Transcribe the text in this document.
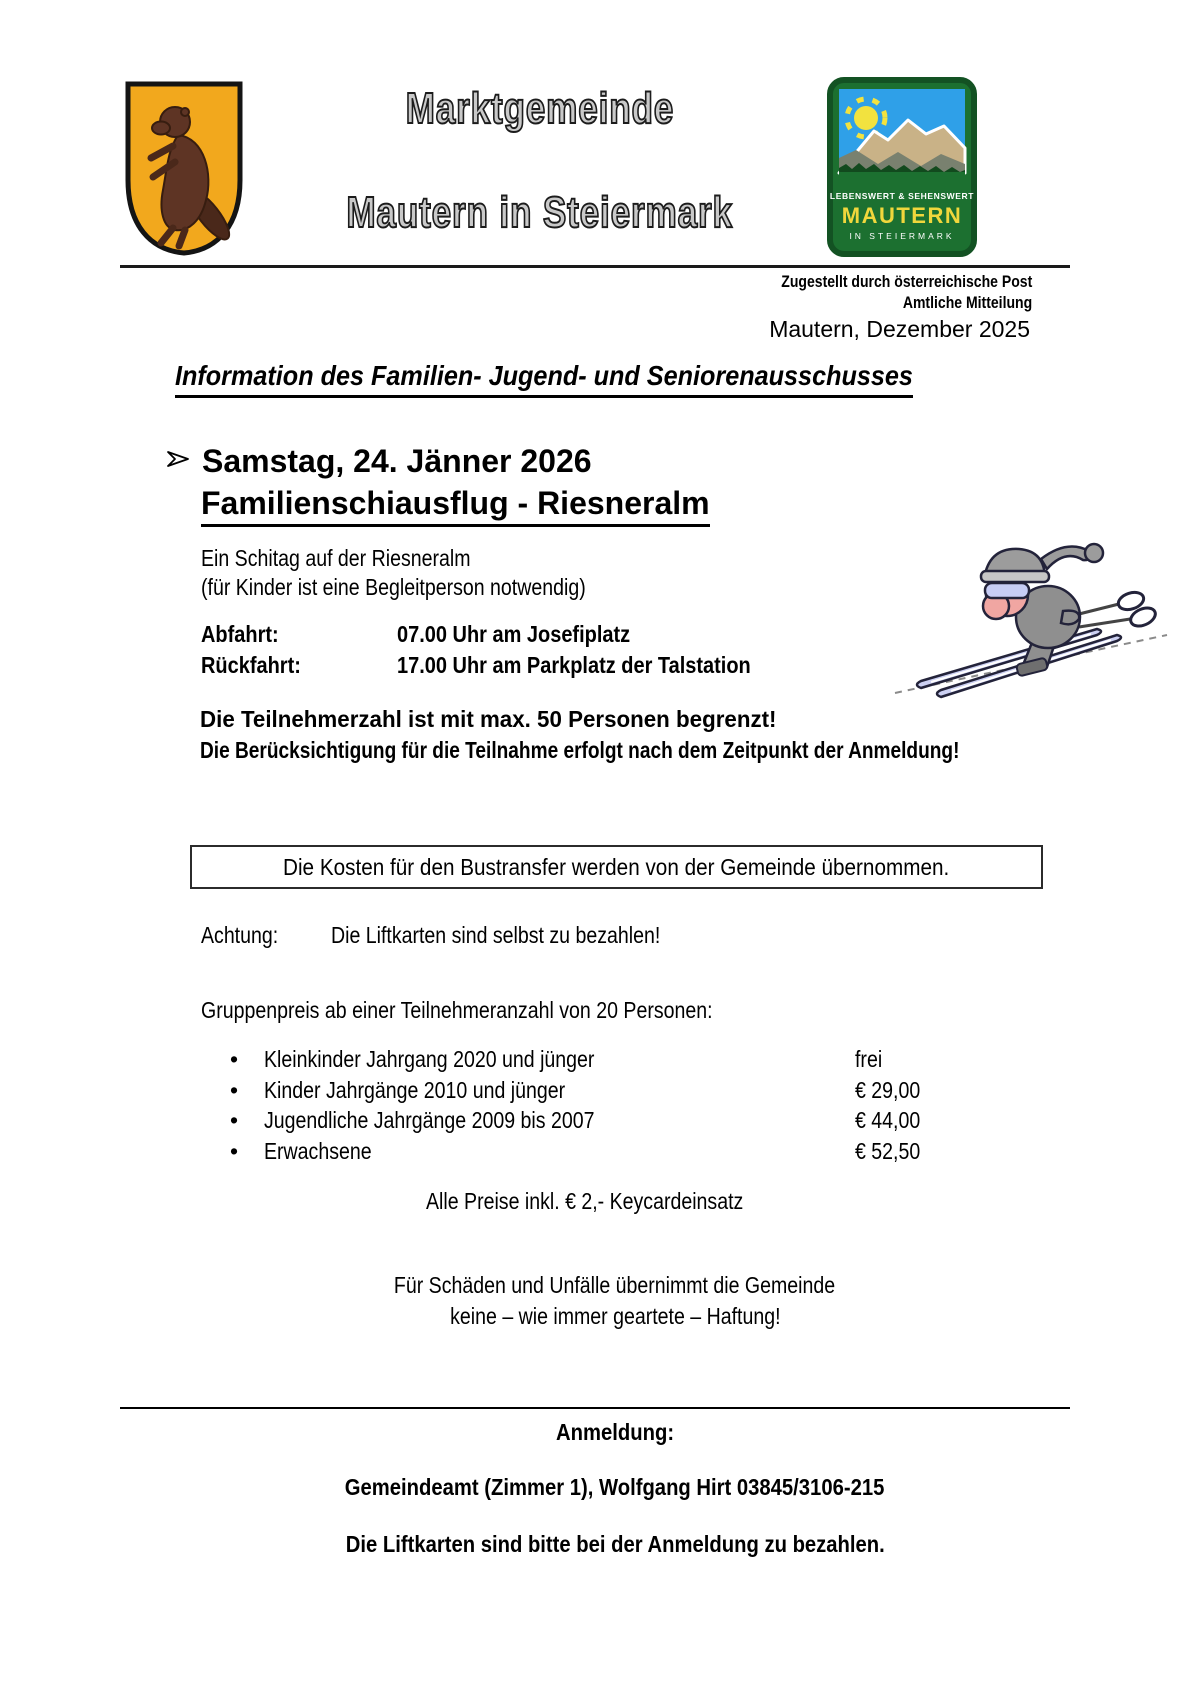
Marktgemeinde
Mautern in Steiermark	LEBENSWERT & SEHENSWERT
MAUTERN
IN STEIERMARK
Zugestellt durch österreichische Post
Amtliche Mitteilung
Mautern, Dezember 2025
Information des Familien- Jugend- und Seniorenausschusses
Samstag, 24. Jänner 2026
Familienschiausflug - Riesneralm
Ein Schitag auf der Riesneralm
(für Kinder ist eine Begleitperson notwendig)
Abfahrt:	07.00 Uhr am Josefiplatz
Rückfahrt:	17.00 Uhr am Parkplatz der Talstation
Die Teilnehmerzahl ist mit max. 50 Personen begrenzt!
Die Berücksichtigung für die Teilnahme erfolgt nach dem Zeitpunkt der Anmeldung!
Die Kosten für den Bustransfer werden von der Gemeinde übernommen.
Achtung: Die Liftkarten sind selbst zu bezahlen!
Gruppenpreis ab einer Teilnehmeranzahl von 20 Personen:
• Kleinkinder Jahrgang 2020 und jünger	frei
• Kinder Jahrgänge 2010 und jünger	€ 29,00
• Jugendliche Jahrgänge 2009 bis 2007	€ 44,00
• Erwachsene	€ 52,50
Alle Preise inkl. € 2,- Keycardeinsatz
Für Schäden und Unfälle übernimmt die Gemeinde
keine – wie immer geartete – Haftung!
Anmeldung:
Gemeindeamt (Zimmer 1), Wolfgang Hirt 03845/3106-215
Die Liftkarten sind bitte bei der Anmeldung zu bezahlen.
